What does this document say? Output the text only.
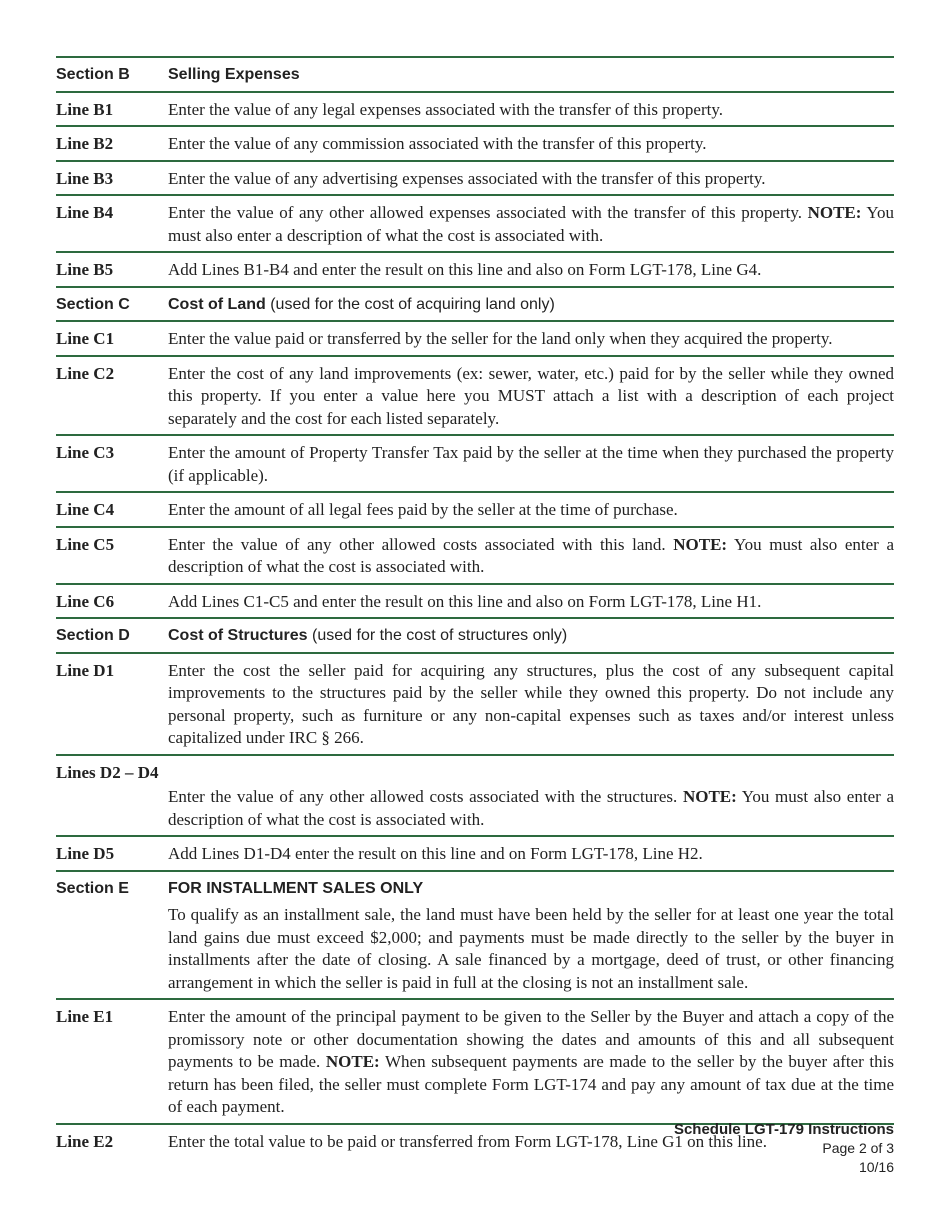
Section B	Selling Expenses
Line B1	Enter the value of any legal expenses associated with the transfer of this property.
Line B2	Enter the value of any commission associated with the transfer of this property.
Line B3	Enter the value of any advertising expenses associated with the transfer of this property.
Line B4	Enter the value of any other allowed expenses associated with the transfer of this property. NOTE: You must also enter a description of what the cost is associated with.
Line B5	Add Lines B1-B4 and enter the result on this line and also on Form LGT-178, Line G4.
Section C	Cost of Land (used for the cost of acquiring land only)
Line C1	Enter the value paid or transferred by the seller for the land only when they acquired the property.
Line C2	Enter the cost of any land improvements (ex: sewer, water, etc.) paid for by the seller while they owned this property. If you enter a value here you MUST attach a list with a description of each project separately and the cost for each listed separately.
Line C3	Enter the amount of Property Transfer Tax paid by the seller at the time when they purchased the property (if applicable).
Line C4	Enter the amount of all legal fees paid by the seller at the time of purchase.
Line C5	Enter the value of any other allowed costs associated with this land. NOTE: You must also enter a description of what the cost is associated with.
Line C6	Add Lines C1-C5 and enter the result on this line and also on Form LGT-178, Line H1.
Section D	Cost of Structures (used for the cost of structures only)
Line D1	Enter the cost the seller paid for acquiring any structures, plus the cost of any subsequent capital improvements to the structures paid by the seller while they owned this property. Do not include any personal property, such as furniture or any non-capital expenses such as taxes and/or interest unless capitalized under IRC § 266.
Lines D2 – D4
Enter the value of any other allowed costs associated with the structures. NOTE: You must also enter a description of what the cost is associated with.
Line D5	Add Lines D1-D4 enter the result on this line and on Form LGT-178, Line H2.
Section E	FOR INSTALLMENT SALES ONLY
To qualify as an installment sale, the land must have been held by the seller for at least one year the total land gains due must exceed $2,000; and payments must be made directly to the seller by the buyer in installments after the date of closing. A sale financed by a mortgage, deed of trust, or other financing arrangement in which the seller is paid in full at the closing is not an installment sale.
Line E1	Enter the amount of the principal payment to be given to the Seller by the Buyer and attach a copy of the promissory note or other documentation showing the dates and amounts of this and all subsequent payments to be made. NOTE: When subsequent payments are made to the seller by the buyer after this return has been filed, the seller must complete Form LGT-174 and pay any amount of tax due at the time of each payment.
Line E2	Enter the total value to be paid or transferred from Form LGT-178, Line G1 on this line.
Schedule LGT-179 Instructions
Page 2 of 3
10/16
